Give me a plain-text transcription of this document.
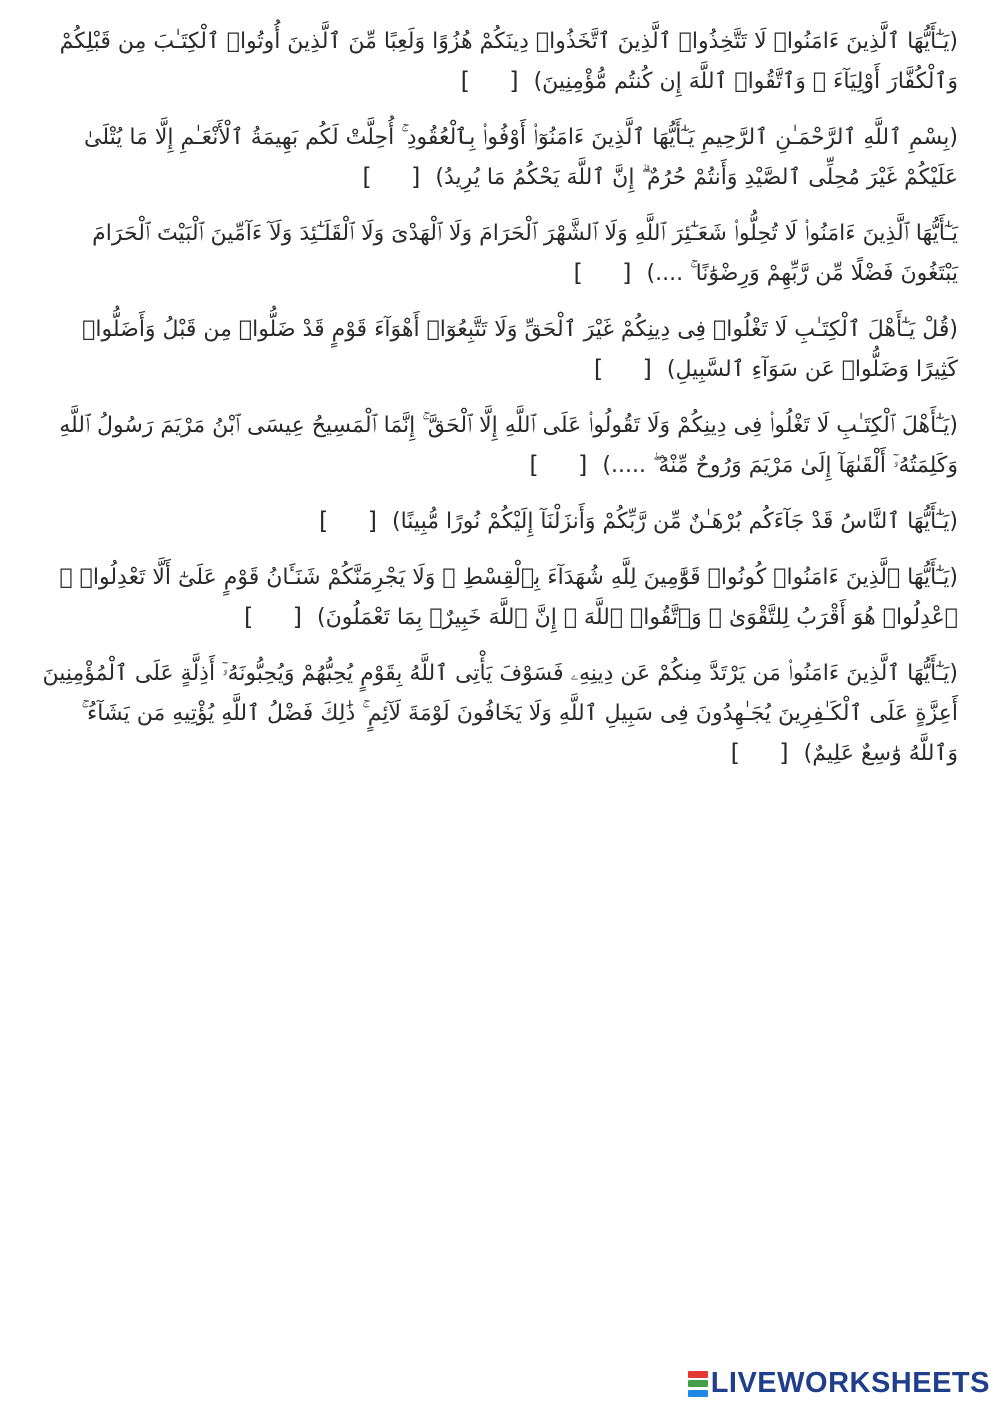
(يَـٰٓأَيُّهَا ٱلَّذِينَ ءَامَنُوا۟ لَا تَتَّخِذُوا۟ ٱلَّذِينَ ٱتَّخَذُوا۟ دِينَكُمْ هُزُوًا وَلَعِبًا مِّنَ ٱلَّذِينَ أُوتُوا۟ ٱلْكِتَـٰبَ مِن قَبْلِكُمْ وَٱلْكُفَّارَ أَوْلِيَآءَ ۚ وَٱتَّقُوا۟ ٱللَّهَ إِن كُنتُم مُّؤْمِنِينَ)
[
]
(بِسْمِ ٱللَّهِ ٱلرَّحْمَـٰنِ ٱلرَّحِيمِ يَـٰٓأَيُّهَا ٱلَّذِينَ ءَامَنُوٓا۟ أَوْفُوا۟ بِٱلْعُقُودِ ۚ أُحِلَّتْ لَكُم بَهِيمَةُ ٱلْأَنْعَـٰمِ إِلَّا مَا يُتْلَىٰ عَلَيْكُمْ غَيْرَ مُحِلِّى ٱلصَّيْدِ وَأَنتُمْ حُرُمٌ ۗ إِنَّ ٱللَّهَ يَحْكُمُ مَا يُرِيدُ)
[
]
يَـٰٓأَيُّهَا ٱلَّذِينَ ءَامَنُوا۟ لَا تُحِلُّوا۟ شَعَـٰٓئِرَ ٱللَّهِ وَلَا ٱلشَّهْرَ ٱلْحَرَامَ وَلَا ٱلْهَدْىَ وَلَا ٱلْقَلَـٰٓئِدَ وَلَآ ءَآمِّينَ ٱلْبَيْتَ ٱلْحَرَامَ يَبْتَغُونَ فَضْلًا مِّن رَّبِّهِمْ وَرِضْوَٰنًا ۚ ....)
[
]
(قُلْ يَـٰٓأَهْلَ ٱلْكِتَـٰبِ لَا تَغْلُوا۟ فِى دِينِكُمْ غَيْرَ ٱلْحَقِّ وَلَا تَتَّبِعُوٓا۟ أَهْوَآءَ قَوْمٍ قَدْ ضَلُّوا۟ مِن قَبْلُ وَأَضَلُّوا۟ كَثِيرًا وَضَلُّوا۟ عَن سَوَآءِ ٱلسَّبِيلِ)
[
]
(يَـٰٓأَهْلَ ٱلْكِتَـٰبِ لَا تَغْلُوا۟ فِى دِينِكُمْ وَلَا تَقُولُوا۟ عَلَى ٱللَّهِ إِلَّا ٱلْحَقَّ ۚ إِنَّمَا ٱلْمَسِيحُ عِيسَى ٱبْنُ مَرْيَمَ رَسُولُ ٱللَّهِ وَكَلِمَتُهُۥٓ أَلْقَىٰهَآ إِلَىٰ مَرْيَمَ وَرُوحٌ مِّنْهُ ۖ .....)
[
]
(يَـٰٓأَيُّهَا ٱلنَّاسُ قَدْ جَآءَكُم بُرْهَـٰنٌ مِّن رَّبِّكُمْ وَأَنزَلْنَآ إِلَيْكُمْ نُورًا مُّبِينًا)
[
]
(يَـٰٓأَيُّهَا ٱلَّذِينَ ءَامَنُوا۟ كُونُوا۟ قَوَّٰمِينَ لِلَّهِ شُهَدَآءَ بِٱلْقِسْطِ ۖ وَلَا يَجْرِمَنَّكُمْ شَنَـَٔانُ قَوْمٍ عَلَىٰٓ أَلَّا تَعْدِلُوا۟ ۚ ٱعْدِلُوا۟ هُوَ أَقْرَبُ لِلتَّقْوَىٰ ۖ وَٱتَّقُوا۟ ٱللَّهَ ۚ إِنَّ ٱللَّهَ خَبِيرٌۢ بِمَا تَعْمَلُونَ)
[
]
(يَـٰٓأَيُّهَا ٱلَّذِينَ ءَامَنُوا۟ مَن يَرْتَدَّ مِنكُمْ عَن دِينِهِۦ فَسَوْفَ يَأْتِى ٱللَّهُ بِقَوْمٍ يُحِبُّهُمْ وَيُحِبُّونَهُۥٓ أَذِلَّةٍ عَلَى ٱلْمُؤْمِنِينَ أَعِزَّةٍ عَلَى ٱلْكَـٰفِرِينَ يُجَـٰهِدُونَ فِى سَبِيلِ ٱللَّهِ وَلَا يَخَافُونَ لَوْمَةَ لَآئِمٍ ۚ ذَٰلِكَ فَضْلُ ٱللَّهِ يُؤْتِيهِ مَن يَشَآءُ ۚ وَٱللَّهُ وَٰسِعٌ عَلِيمٌ)
[
]
LIVEWORKSHEETS
